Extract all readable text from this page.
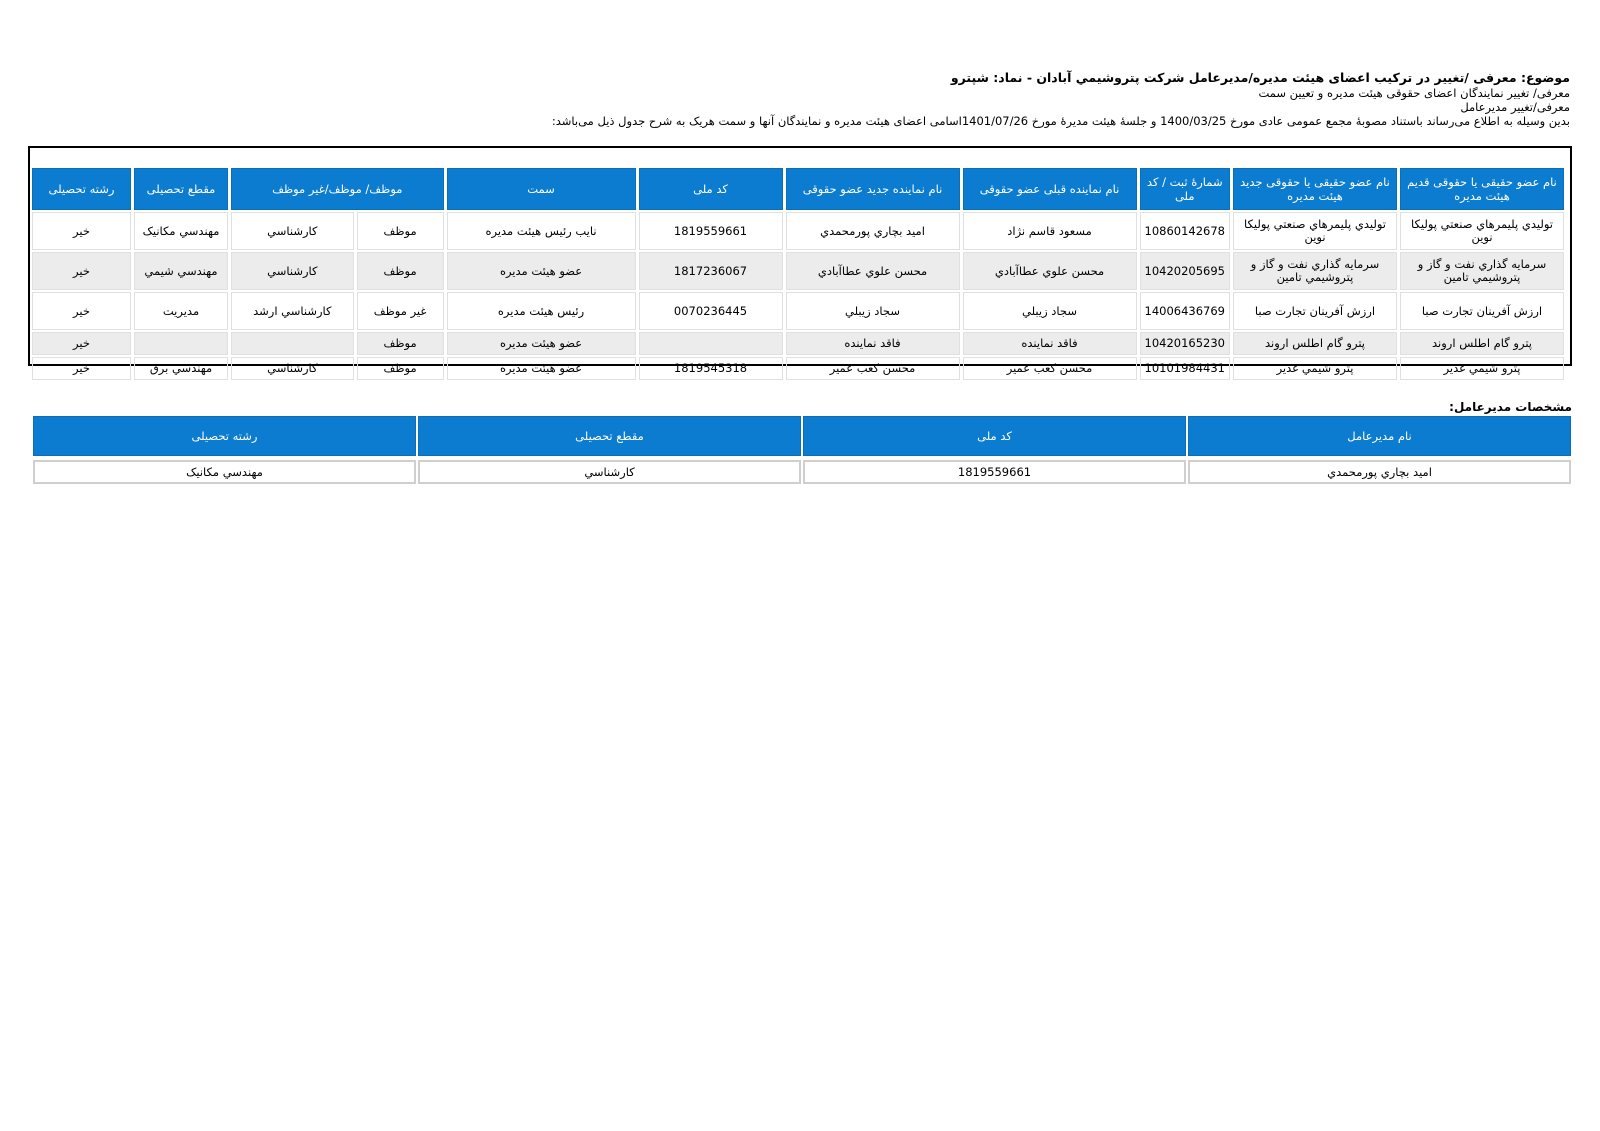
موضوع: معرفی /تغییر در ترکیب اعضای هیئت مدیره/مدیرعامل شرکت پتروشيمي آبادان - نماد: شپترو
معرفی/ تغییر نمایندگان اعضای حقوقی هیئت مدیره و تعیین سمت
معرفی/تغییر مدیرعامل
بدین وسیله به اطلاع می‌رساند باستناد مصوبۀ مجمع عمومی عادی مورخ 1400/03/25 و جلسۀ هیئت مدیرۀ مورخ 1401/07/26اسامی اعضای هیئت مدیره و نمایندگان آنها و سمت هریک به شرح جدول ذیل می‌باشد:
نام عضو حقیقی یا حقوقی قدیم هیئت مدیره	نام عضو حقیقی یا حقوقی جدید هیئت مدیره	شمارۀ ثبت / کد ملی	نام نماینده قبلی عضو حقوقی	نام نماینده جدید عضو حقوقی	کد ملی	سمت	موظف/ موظف/غیر موظف		مقطع تحصیلی	رشته تحصیلی
توليدي پليمرهاي صنعتي پوليكا نوين	توليدي پليمرهاي صنعتي پوليكا نوين	10860142678	مسعود قاسم نژاد	اميد بچاري پورمحمدي	1819559661	نايب رئيس هيئت مديره	موظف	كارشناسي	مهندسي مكانيک	خير
سرمايه گذاري نفت و گاز و پتروشيمي تامين	سرمايه گذاري نفت و گاز و پتروشيمي تامين	10420205695	محسن علوي عطاآبادي	محسن علوي عطاآبادي	1817236067	عضو هيئت مديره	موظف	كارشناسي	مهندسي شيمي	خير
ارزش آفرينان تجارت صبا	ارزش آفرينان تجارت صبا	14006436769	سجاد زيبلي	سجاد زيبلي	0070236445	رئيس هيئت مديره	غير موظف	كارشناسي ارشد	مديريت	خير
پترو گام اطلس اروند	پترو گام اطلس اروند	10420165230	فاقد نماينده	فاقد نماينده		عضو هيئت مديره	موظف			خير
پترو شيمي غدير	پترو شيمي غدير	10101984431	محسن كعب عمير	محسن كعب عمير	1819545318	عضو هيئت مديره	موظف	كارشناسي	مهندسي برق	خير
مشخصات مدیرعامل:
نام مدیرعامل	کد ملی	مقطع تحصیلی	رشته تحصیلی
اميد بچاري پورمحمدي	1819559661	كارشناسي	مهندسي مكانيک
